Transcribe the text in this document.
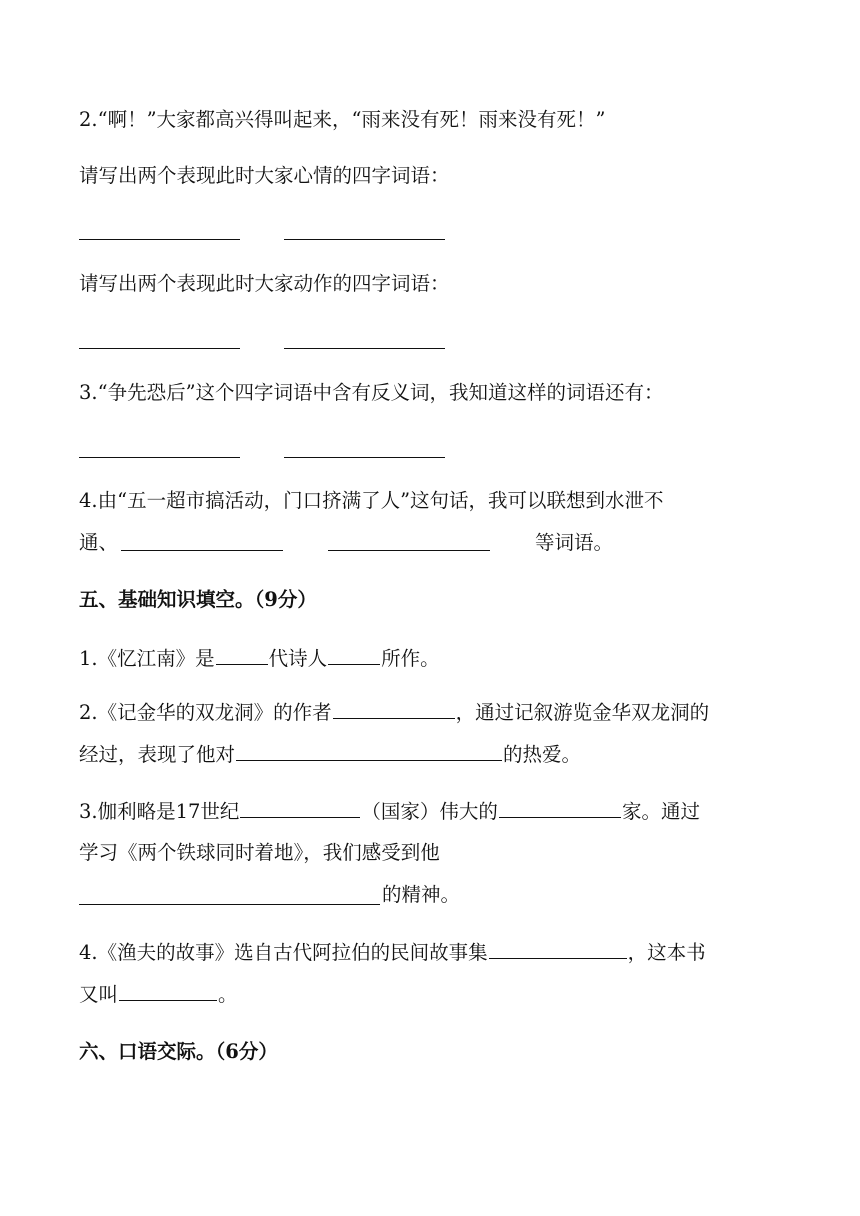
2.“啊！”大家都高兴得叫起来，“雨来没有死！雨来没有死！”
请写出两个表现此时大家心情的四字词语：
请写出两个表现此时大家动作的四字词语：
3.“争先恐后”这个四字词语中含有反义词，我知道这样的词语还有：
4.由“五一超市搞活动，门口挤满了人”这句话，我可以联想到水泄不
通、	等词语。
五、基础知识填空。（9分）
1.《忆江南》是	代诗人	所作。
2.《记金华的双龙洞》的作者	，通过记叙游览金华双龙洞的
经过，表现了他对	的热爱。
3.伽利略是17世纪	（国家）伟大的	家。通过
学习《两个铁球同时着地》，我们感受到他
的精神。
4.《渔夫的故事》选自古代阿拉伯的民间故事集	，这本书
又叫	。
六、口语交际。（6分）
